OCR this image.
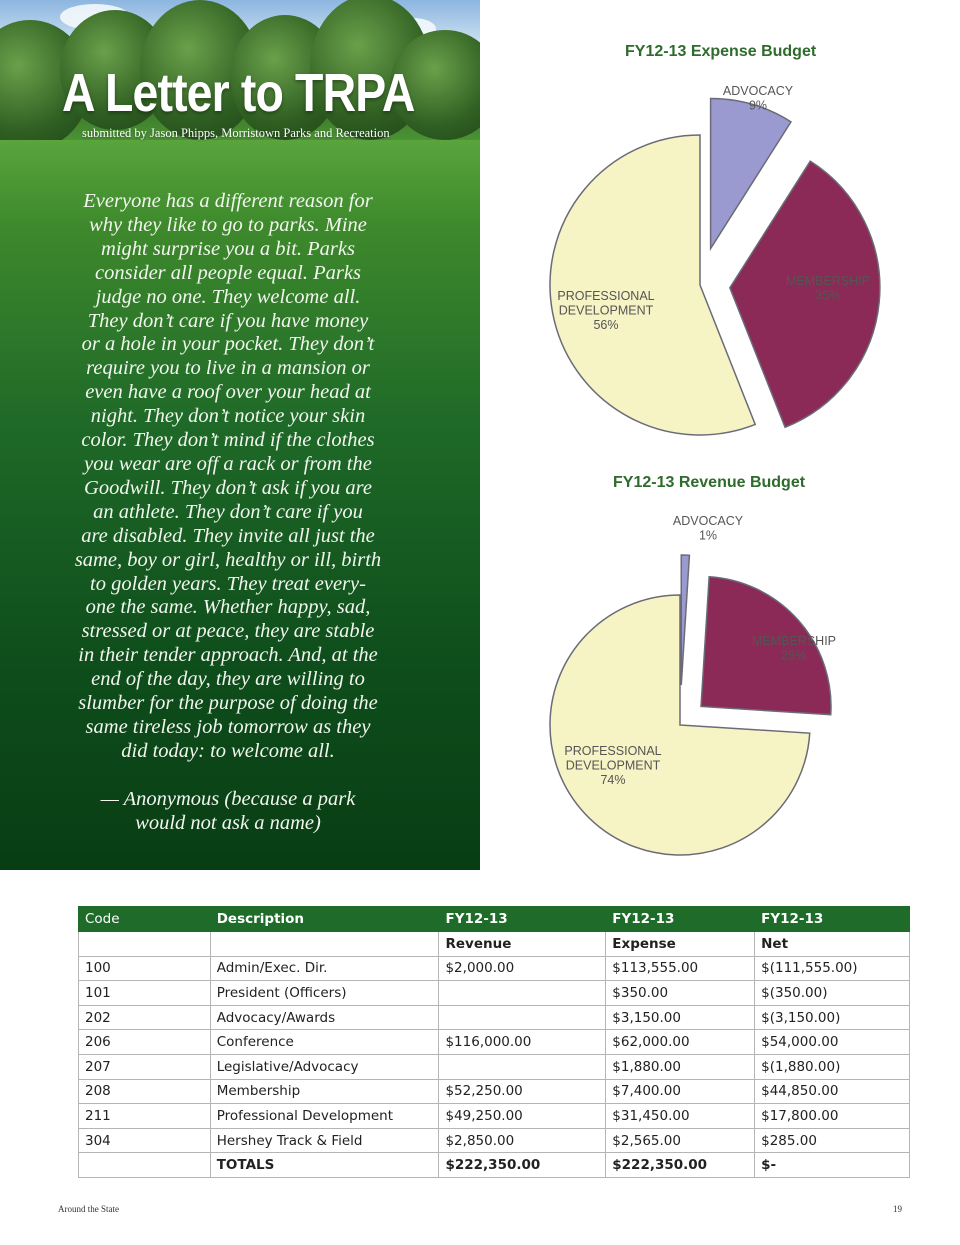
A Letter to TRPA
submitted by Jason Phipps, Morristown Parks and Recreation

Everyone has a different reason for

why they like to go to parks. Mine

might surprise you a bit. Parks

consider all people equal. Parks

judge no one. They welcome all.

They don’t care if you have money

or a hole in your pocket. They don’t

require you to live in a mansion or

even have a roof over your head at

night. They don’t notice your skin

color. They don’t mind if the clothes

you wear are off a rack or from the

Goodwill. They don’t ask if you are

an athlete. They don’t care if you

are disabled. They invite all just the

same, boy or girl, healthy or ill, birth

to golden years. They treat every-

one the same. Whether happy, sad,

stressed or at peace, they are stable

in their tender approach. And, at the

end of the day, they are willing to

slumber for the purpose of doing the

same tireless job tomorrow as they

did today: to welcome all.

— Anonymous (because a park

would not ask a name)

FY12-13 Expense Budget
ADVOCACY
9%
MEMBERSHIP
35%
PROFESSIONAL
DEVELOPMENT
56%
FY12-13 Revenue Budget
ADVOCACY
1%
MEMBERSHIP
25%
PROFESSIONAL
DEVELOPMENT
74%
Code	Description	FY12-13	FY12-13	FY12-13
		Revenue	Expense	Net
100	Admin/Exec. Dir.	$2,000.00	$113,555.00	$(111,555.00)
101	President (Officers)		$350.00	$(350.00)
202	Advocacy/Awards		$3,150.00	$(3,150.00)
206	Conference	$116,000.00	$62,000.00	$54,000.00
207	Legislative/Advocacy		$1,880.00	$(1,880.00)
208	Membership	$52,250.00	$7,400.00	$44,850.00
211	Professional Development	$49,250.00	$31,450.00	$17,800.00
304	Hershey Track & Field	$2,850.00	$2,565.00	$285.00
	TOTALS	$222,350.00	$222,350.00	$-
Around the State	19
